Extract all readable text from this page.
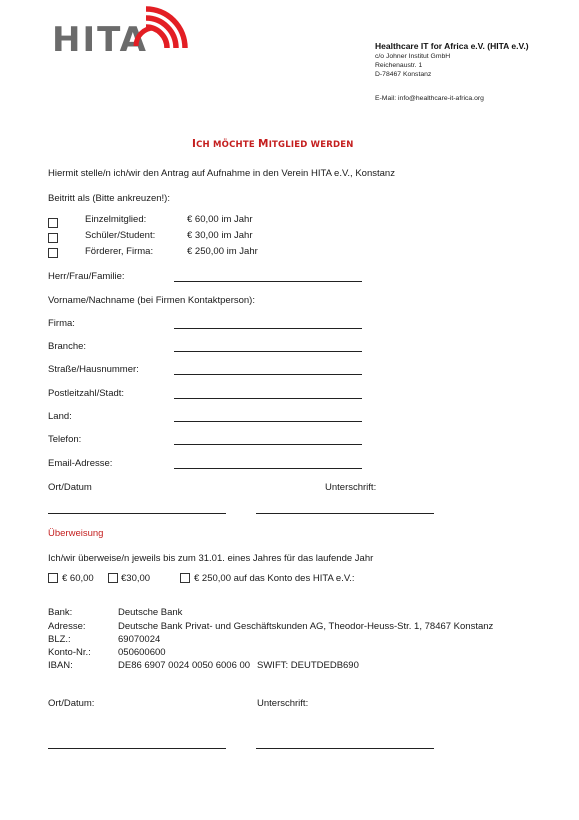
HITA	Healthcare IT for Africa e.V. (HITA e.V.)
c/o Johner Institut GmbH
Reichenaustr. 1
D-78467 Konstanz
E-Mail: info@healthcare-it-africa.org
ICH MÖCHTE MITGLIED WERDEN
Hiermit stelle/n ich/wir den Antrag auf Aufnahme in den Verein HITA e.V., Konstanz
Beitritt als (Bitte ankreuzen!):
Einzelmitglied:	€ 60,00 im Jahr
Schüler/Student:	€ 30,00 im Jahr
Förderer, Firma:	€ 250,00 im Jahr
Herr/Frau/Familie:
Vorname/Nachname (bei Firmen Kontaktperson):
Firma:
Branche:
Straße/Hausnummer:
Postleitzahl/Stadt:
Land:
Telefon:
Email-Adresse:
Ort/Datum	Unterschrift:
Überweisung
Ich/wir überweise/n jeweils bis zum 31.01. eines Jahres für das laufende Jahr
€ 60,00	€30,00	€ 250,00 auf das Konto des HITA e.V.:
Bank:	Deutsche Bank
Adresse:	Deutsche Bank Privat- und Geschäftskunden AG, Theodor-Heuss-Str. 1, 78467 Konstanz
BLZ.:	69070024
Konto-Nr.:	050600600
IBAN:	DE86 6907 0024 0050 6006 00 SWIFT: DEUTDEDB690
Ort/Datum:	Unterschrift:
